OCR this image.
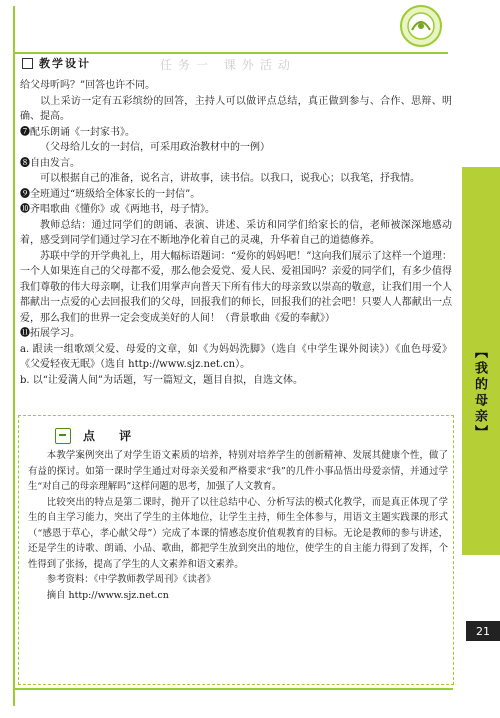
教学设计	任务一 课外活动
【我的母亲】
21

给父母听吗？”回答也许不同。

以上采访一定有五彩缤纷的回答，主持人可以做评点总结，真正做到参与、合作、思辩、明确、提高。

❼配乐朗诵《一封家书》。

（父母给儿女的一封信，可采用政治教材中的一例）

❽自由发言。

可以根据自己的准备，说名言，讲故事，读书信。以我口，说我心；以我笔，抒我情。

❾全班通过“班级给全体家长的一封信”。

❿齐唱歌曲《懂你》或《两地书，母子情》。

教师总结：通过同学们的朗诵、表演、讲述、采访和同学们给家长的信，老师被深深地感动着，感受到同学们通过学习在不断地净化着自己的灵魂，升华着自己的道德修养。

苏联中学的开学典礼上，用大幅标语题词：“爱你的妈妈吧！”这向我们展示了这样一个道理：一个人如果连自己的父母都不爱，那么他会爱党、爱人民、爱祖国吗？亲爱的同学们，有多少值得我们尊敬的伟大母亲啊，让我们用掌声向普天下所有伟大的母亲致以崇高的敬意，让我们用一个人都献出一点爱的心去回报我们的父母，回报我们的师长，回报我们的社会吧！只要人人都献出一点爱，那么我们的世界一定会变成美好的人间！（背景歌曲《爱的奉献》）

⓫拓展学习。

a. 跟读一组歌颂父爱、母爱的文章，如《为妈妈洗脚》（选自《中学生课外阅读》）《血色母爱》《父爱轻夜无眠》（选自 http://www.sjz.net.cn）。

b. 以“让爱满人间”为话题，写一篇短文，题目自拟，自选文体。

点 评

本教学案例突出了对学生语文素质的培养，特别对培养学生的创新精神、发展其健康个性，做了有益的探讨。如第一课时学生通过对母亲关爱和严格要求“我”的几件小事品悟出母爱亲情，并通过学生“对自己的母亲理解吗”这样问题的思考，加强了人文教育。

比较突出的特点是第二课时，抛开了以往总结中心、分析写法的模式化教学，而是真正体现了学生的自主学习能力，突出了学生的主体地位，让学生主持，师生全体参与，用语文主题实践课的形式（“感恩于草心，孝心献父母”）完成了本课的情感态度价值观教育的目标。无论是教师的参与讲述，还是学生的诗歌、朗诵、小品、歌曲，都把学生放到突出的地位，使学生的自主能力得到了发挥，个性得到了张扬，提高了学生的人文素养和语文素养。

参考资料：《中学教师教学周刊》《读者》

摘自 http://www.sjz.net.cn
